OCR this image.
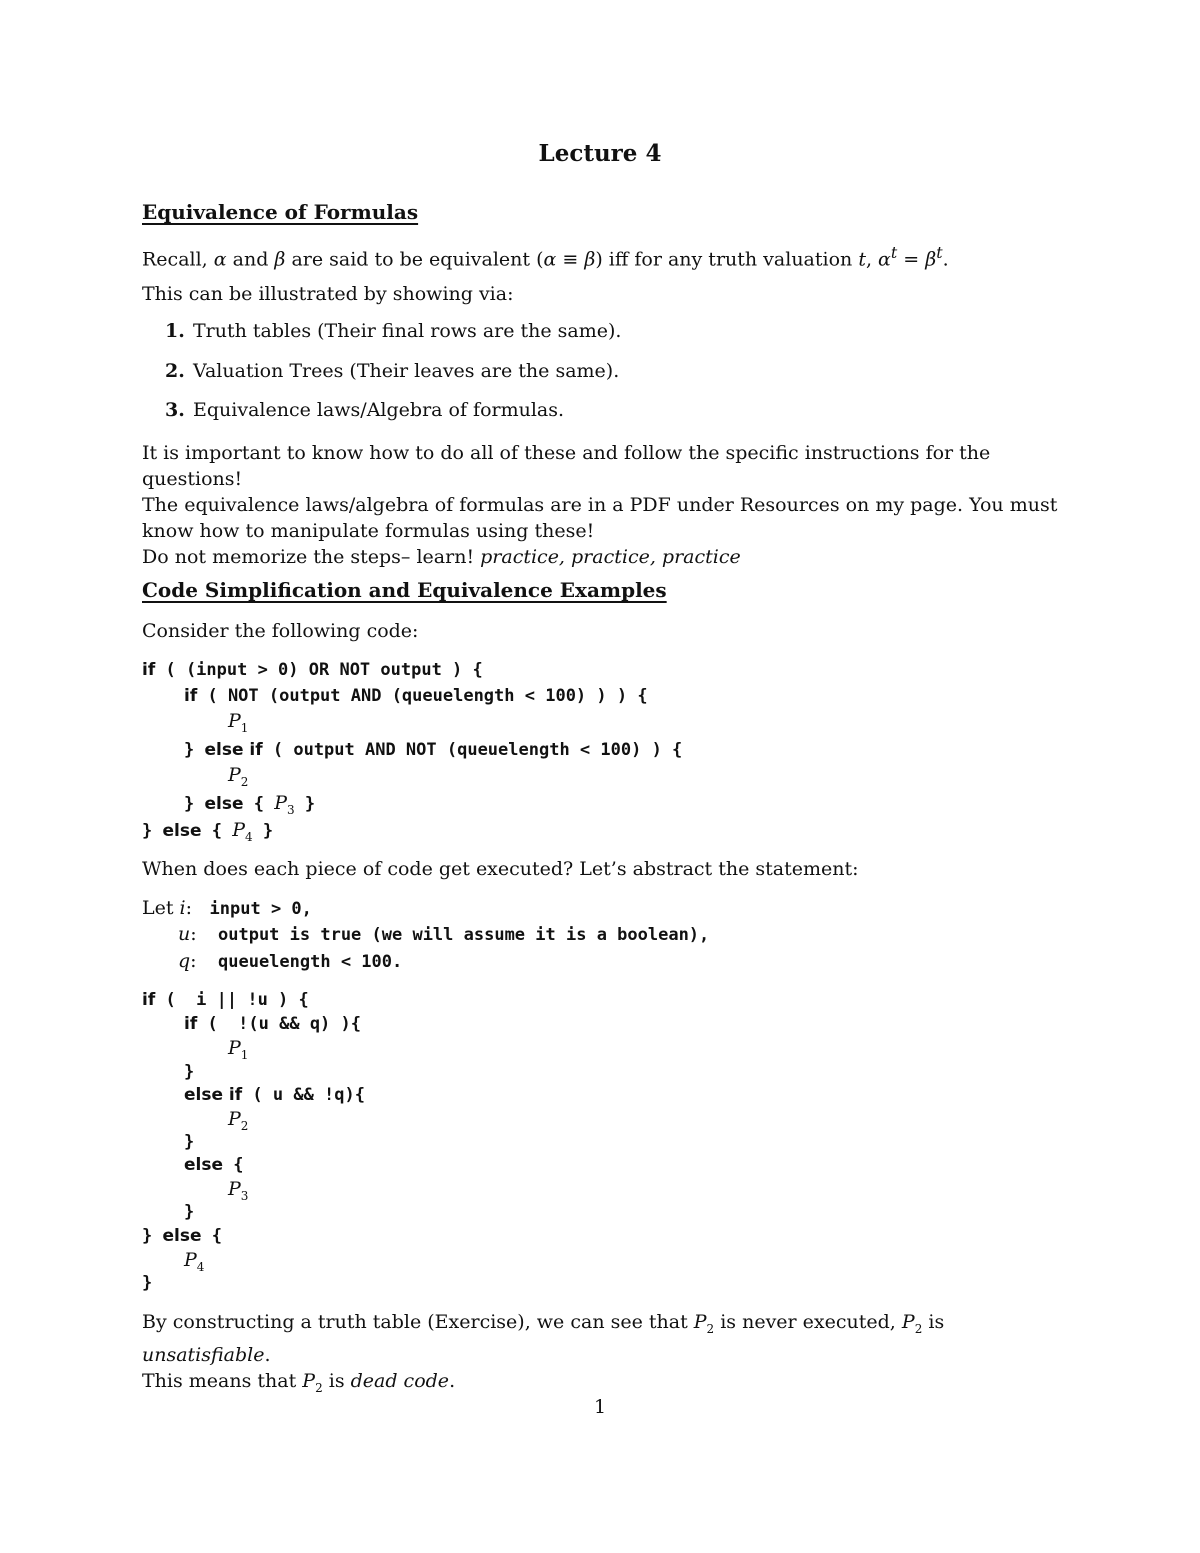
Lecture 4
Equivalence of Formulas
Recall, α and β are said to be equivalent (α ≡ β) iff for any truth valuation t, $\alpha^t = \beta^t$.
This can be illustrated by showing via:
1. Truth tables (Their final rows are the same).
2. Valuation Trees (Their leaves are the same).
3. Equivalence laws/Algebra of formulas.
It is important to know how to do all of these and follow the specific instructions for the questions!
The equivalence laws/algebra of formulas are in a PDF under Resources on my page. You must know how to manipulate formulas using these!
Do not memorize the steps– learn! practice, practice, practice
Code Simplification and Equivalence Examples
Consider the following code:
if ( (input > 0) OR NOT output ) {
if ( NOT (output AND (queuelength < 100) ) ) {
$P_1$
} else if ( output AND NOT (queuelength < 100) ) {
$P_2$
} else { $P_3$ }
} else { $P_4$ }
When does each piece of code get executed? Let’s abstract the statement:
Let i: input > 0,
u: output is true (we will assume it is a boolean),
q: queuelength < 100.
if (  i || !u ) {
if (  !(u && q) ){
$P_1$
}
else if ( u && !q){
$P_2$
}
else {
$P_3$
}
} else {
$P_4$
}
By constructing a truth table (Exercise), we can see that $P_2$ is never executed, $P_2$ is unsatisfiable.
This means that $P_2$ is dead code.
1
